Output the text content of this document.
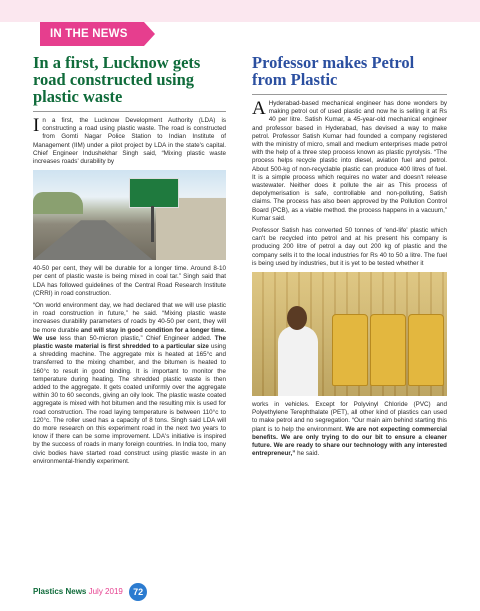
IN THE NEWS
In a first, Lucknow gets road constructed using plastic waste

In a first, the Lucknow Development Authority (LDA) is constructing a road using plastic waste. The road is constructed from Gomti Nagar Police Station to Indian Institute of Management (IIM) under a pilot project by LDA in the state's capital. Chief Engineer Indushekhar Singh said, “Mixing plastic waste increases roads' durability by

40-50 per cent, they will be durable for a longer time. Around 8-10 per cent of plastic waste is being mixed in coal tar.” Singh said that LDA has followed guidelines of the Central Road Research Institute (CRRI) in road construction.

“On world environment day, we had declared that we will use plastic in road construction in future,” he said. “Mixing plastic waste increases durability parameters of roads by 40-50 per cent, they will be more durable and will stay in good condition for a longer time. We use less than 50-micron plastic,” Chief Engineer added. The plastic waste material is first shredded to a particular size using a shredding machine. The aggregate mix is heated at 165°c and transferred to the mixing chamber, and the bitumen is heated to 160°c to result in good binding. It is important to monitor the temperature during heating. The shredded plastic waste is then added to the aggregate. It gets coated uniformly over the aggregate within 30 to 60 seconds, giving an oily look. The plastic waste coated aggregate is mixed with hot bitumen and the resulting mix is used for road construction. The road laying temperature is between 110°c to 120°c. The roller used has a capacity of 8 tons. Singh said LDA will do more research on this experiment road in the next two years to know if there can be some improvement. LDA's initiative is inspired by the success of roads in many foreign countries. In India too, many civic bodies have started road construct using plastic waste in an environmental-friendly experiment.

Professor makes Petrol from Plastic

A Hyderabad-based mechanical engineer has done wonders by making petrol out of used plastic and now he is selling it at Rs 40 per litre. Satish Kumar, a 45-year-old mechanical engineer and professor based in Hyderabad, has devised a way to make petrol. Professor Satish Kumar had founded a company registered with the ministry of micro, small and medium enterprises made petrol with the help of a three step process known as plastic pyrolysis. “The process helps recycle plastic into diesel, aviation fuel and petrol. About 500-kg of non-recyclable plastic can produce 400 litres of fuel. It is a simple process which requires no water and doesn't release wastewater. Neither does it pollute the air as This process of depolymerisation is safe, controllable and non-polluting, Satish claims. The process has also been approved by the Pollution Control Board (PCB), as a viable method. the process happens in a vacuum,” Kumar said.

Professor Satish has converted 50 tonnes of ‘end-life' plastic which can't be recycled into petrol and at his present his company is producing 200 litre of petrol a day out 200 kg of plastic and the company sells it to the local industries for Rs 40 to 50 a litre. The fuel is being used by industries, but it is yet to be tested whether it

works in vehicles. Except for Polyvinyl Chloride (PVC) and Polyethylene Terephthalate (PET), all other kind of plastics can used to make petrol and no segregation. “Our main aim behind starting this plant is to help the environment. We are not expecting commercial benefits. We are only trying to do our bit to ensure a cleaner future. We are ready to share our technology with any interested entrepreneur,” he said.

Plastics News July 2019 72
